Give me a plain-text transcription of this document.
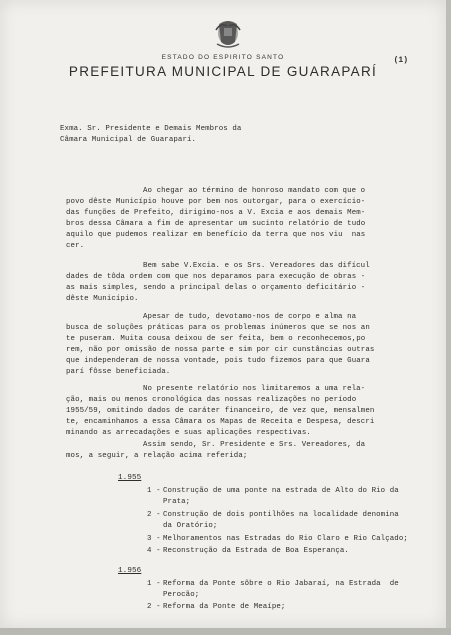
ESTADO DO ESPIRITO SANTO
PREFEITURA MUNICIPAL DE GUARAPARÍ
(1)
Exma. Sr. Presidente e Demais Membros da
Câmara Municipal de Guaraparí.
Ao chegar ao término de honroso mandato com que o
povo dêste Município houve por bem nos outorgar, para o exercício-
das funções de Prefeito, dirigimo-nos a V. Excia e aos demais Mem-
bros dessa Câmara a fim de apresentar um sucinto relatório de tudo
aquilo que pudemos realizar em benefício da terra que nos viu  nas
cer.
Bem sabe V.Excia. e os Srs. Vereadores das difícul
dades de tôda ordem com que nos deparamos para execução de obras -
as mais simples, sendo a principal delas o orçamento deficitário -
dêste Município.
Apesar de tudo, devotamo-nos de corpo e alma na
busca de soluções práticas para os problemas inúmeros que se nos an
te puseram. Muita cousa deixou de ser feita, bem o reconhecemos,po
rem, não por omissão de nossa parte e sim por cir cunstâncias outras
que independeram de nossa vontade, pois tudo fizemos para que Guara
parí fôsse beneficiada.
No presente relatório nos limitaremos a uma rela-
ção, mais ou menos cronológica das nossas realizações no período
1955/59, omitindo dados de caráter financeiro, de vez que, mensalmen
te, encaminhamos a essa Câmara os Mapas de Receita e Despesa, descri
minando as arrecadações e suas aplicações respectivas.
Assim sendo, Sr. Presidente e Srs. Vereadores, da
mos, a seguir, a relação acima referida;
1.955
1 - Construção de uma ponte na estrada de Alto do Rio da
Prata;
2 - Construção de dois pontilhões na localidade denomina
da Oratório;
3 - Melhoramentos nas Estradas do Rio Claro e Rio Calçado;
4 - Reconstrução da Estrada de Boa Esperança.
1.956
1 - Reforma da Ponte sôbre o Rio Jabaraí, na Estrada  de
Perocão;
2 - Reforma da Ponte de Meaípe;
